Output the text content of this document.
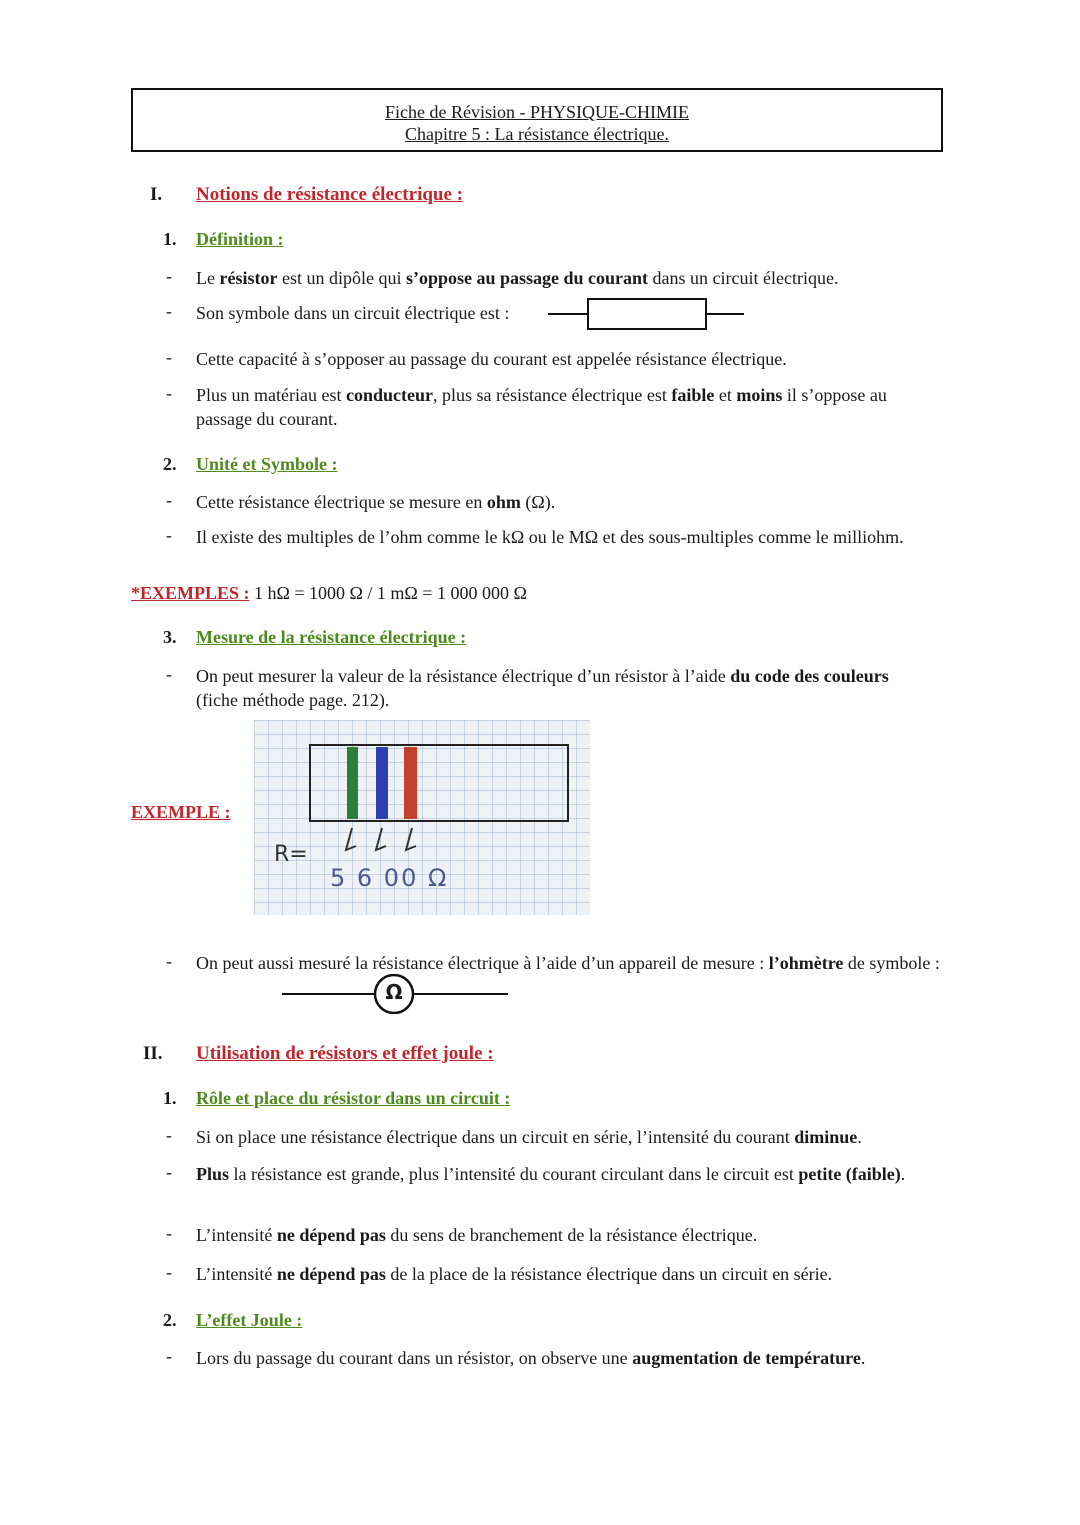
Fiche de Révision - PHYSIQUE-CHIMIE
Chapitre 5 : La résistance électrique.
I. Notions de résistance électrique :
1. Définition :
- Le résistor est un dipôle qui s’oppose au passage du courant dans un circuit électrique.
- Son symbole dans un circuit électrique est :
- Cette capacité à s’opposer au passage du courant est appelée résistance électrique.
- Plus un matériau est conducteur, plus sa résistance électrique est faible et moins il s’oppose au passage du courant.
2. Unité et Symbole :
- Cette résistance électrique se mesure en ohm (Ω).
- Il existe des multiples de l’ohm comme le kΩ ou le MΩ et des sous-multiples comme le milliohm.
*EXEMPLES : 1 hΩ = 1000 Ω / 1 mΩ = 1 000 000 Ω
3. Mesure de la résistance électrique :
- On peut mesurer la valeur de la résistance électrique d’un résistor à l’aide du code des couleurs (fiche méthode page. 212).
EXEMPLE :
R=
5 6 00 Ω
- On peut aussi mesuré la résistance électrique à l’aide d’un appareil de mesure : l’ohmètre de symbole :
Ω
II. Utilisation de résistors et effet joule :
1. Rôle et place du résistor dans un circuit :
- Si on place une résistance électrique dans un circuit en série, l’intensité du courant diminue.
- Plus la résistance est grande, plus l’intensité du courant circulant dans le circuit est petite (faible).
- L’intensité ne dépend pas du sens de branchement de la résistance électrique.
- L’intensité ne dépend pas de la place de la résistance électrique dans un circuit en série.
2. L’effet Joule :
- Lors du passage du courant dans un résistor, on observe une augmentation de température.
